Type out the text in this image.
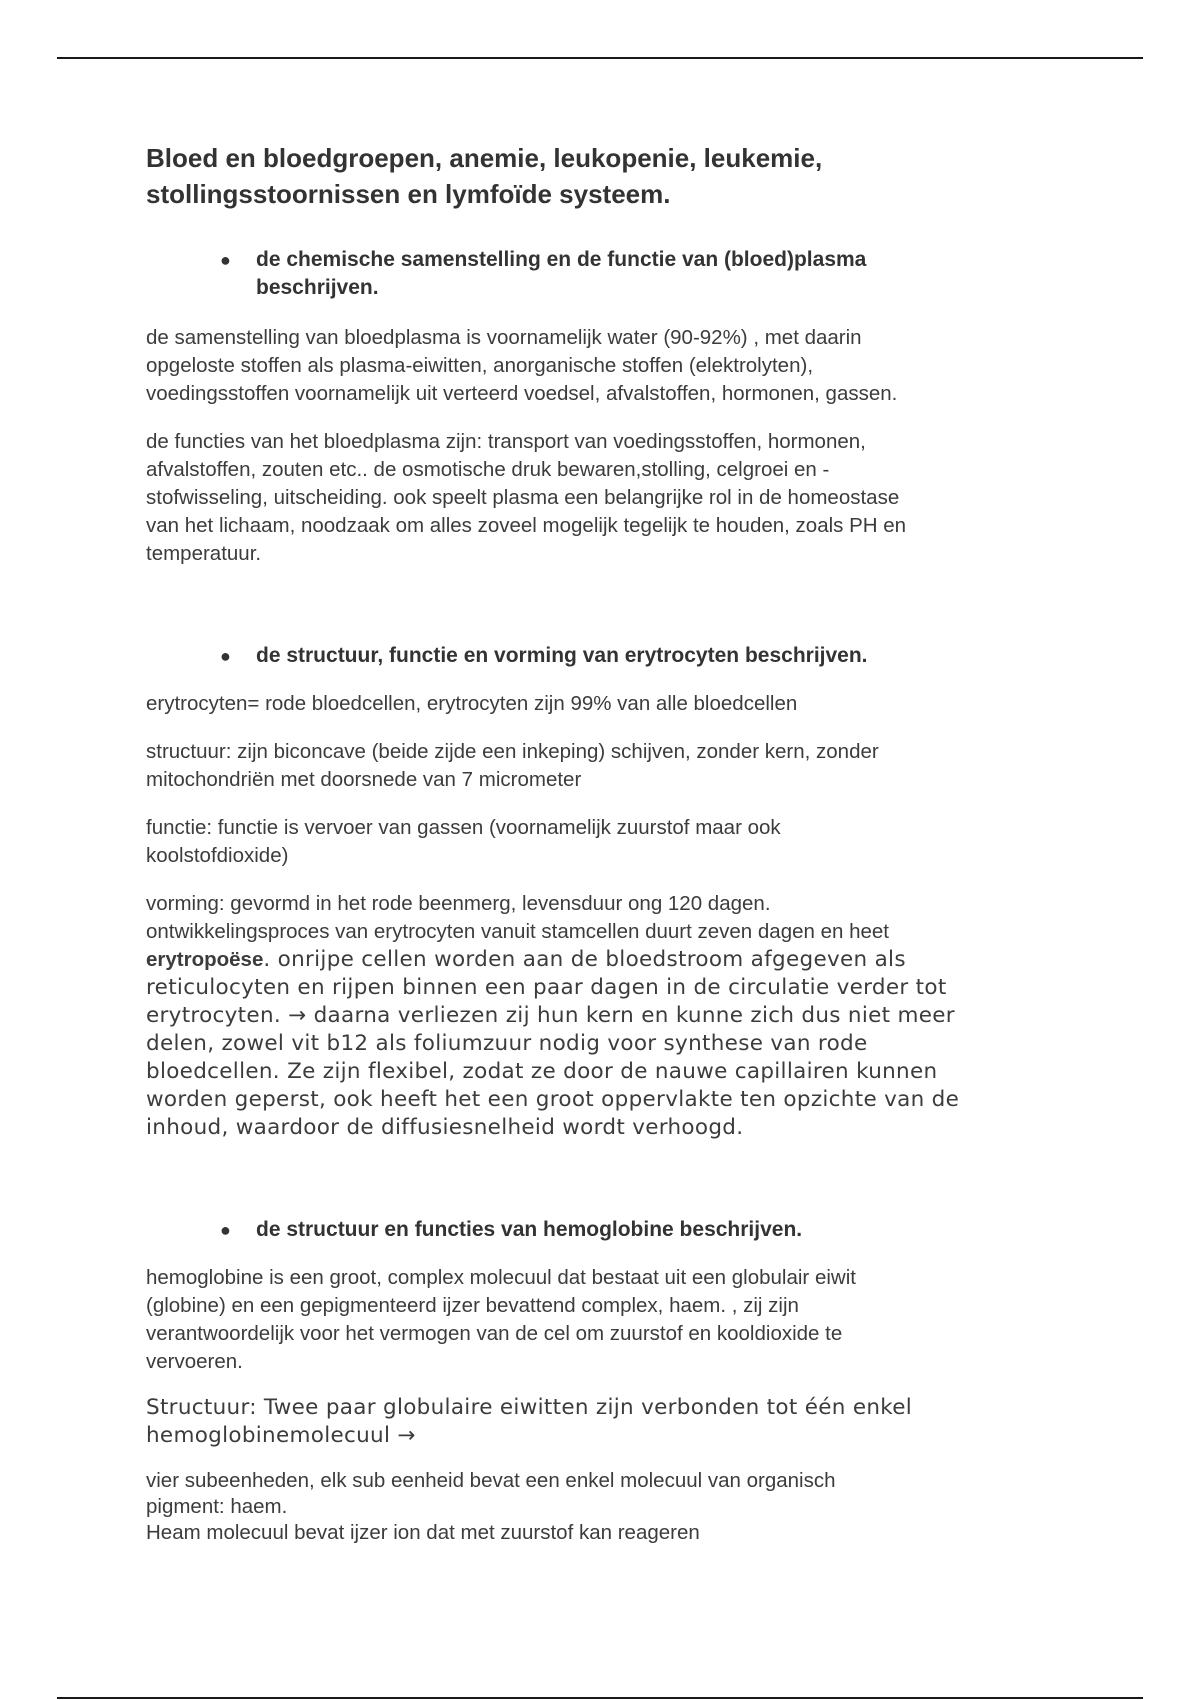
Bloed en bloedgroepen, anemie, leukopenie, leukemie,
stollingsstoornissen en lymfoïde systeem.
● de chemische samenstelling en de functie van (bloed)plasma
beschrijven.
de samenstelling van bloedplasma is voornamelijk water (90-92%) , met daarin
opgeloste stoffen als plasma-eiwitten, anorganische stoffen (elektrolyten),
voedingsstoffen voornamelijk uit verteerd voedsel, afvalstoffen, hormonen, gassen.
de functies van het bloedplasma zijn: transport van voedingsstoffen, hormonen,
afvalstoffen, zouten etc.. de osmotische druk bewaren,stolling, celgroei en -
stofwisseling, uitscheiding. ook speelt plasma een belangrijke rol in de homeostase
van het lichaam, noodzaak om alles zoveel mogelijk tegelijk te houden, zoals PH en
temperatuur.
● de structuur, functie en vorming van erytrocyten beschrijven.
erytrocyten= rode bloedcellen, erytrocyten zijn 99% van alle bloedcellen
structuur: zijn biconcave (beide zijde een inkeping) schijven, zonder kern, zonder
mitochondriën met doorsnede van 7 micrometer
functie: functie is vervoer van gassen (voornamelijk zuurstof maar ook
koolstofdioxide)
vorming: gevormd in het rode beenmerg, levensduur ong 120 dagen.
ontwikkelingsproces van erytrocyten vanuit stamcellen duurt zeven dagen en heet
erytropoëse. onrijpe cellen worden aan de bloedstroom afgegeven als
reticulocyten en rijpen binnen een paar dagen in de circulatie verder tot
erytrocyten. → daarna verliezen zij hun kern en kunne zich dus niet meer
delen, zowel vit b12 als foliumzuur nodig voor synthese van rode
bloedcellen. Ze zijn flexibel, zodat ze door de nauwe capillairen kunnen
worden geperst, ook heeft het een groot oppervlakte ten opzichte van de
inhoud, waardoor de diffusiesnelheid wordt verhoogd.
● de structuur en functies van hemoglobine beschrijven.
hemoglobine is een groot, complex molecuul dat bestaat uit een globulair eiwit
(globine) en een gepigmenteerd ijzer bevattend complex, haem. , zij zijn
verantwoordelijk voor het vermogen van de cel om zuurstof en kooldioxide te
vervoeren.
Structuur: Twee paar globulaire eiwitten zijn verbonden tot één enkel
hemoglobinemolecuul →
vier subeenheden, elk sub eenheid bevat een enkel molecuul van organisch
pigment: haem.
Heam molecuul bevat ijzer ion dat met zuurstof kan reageren
